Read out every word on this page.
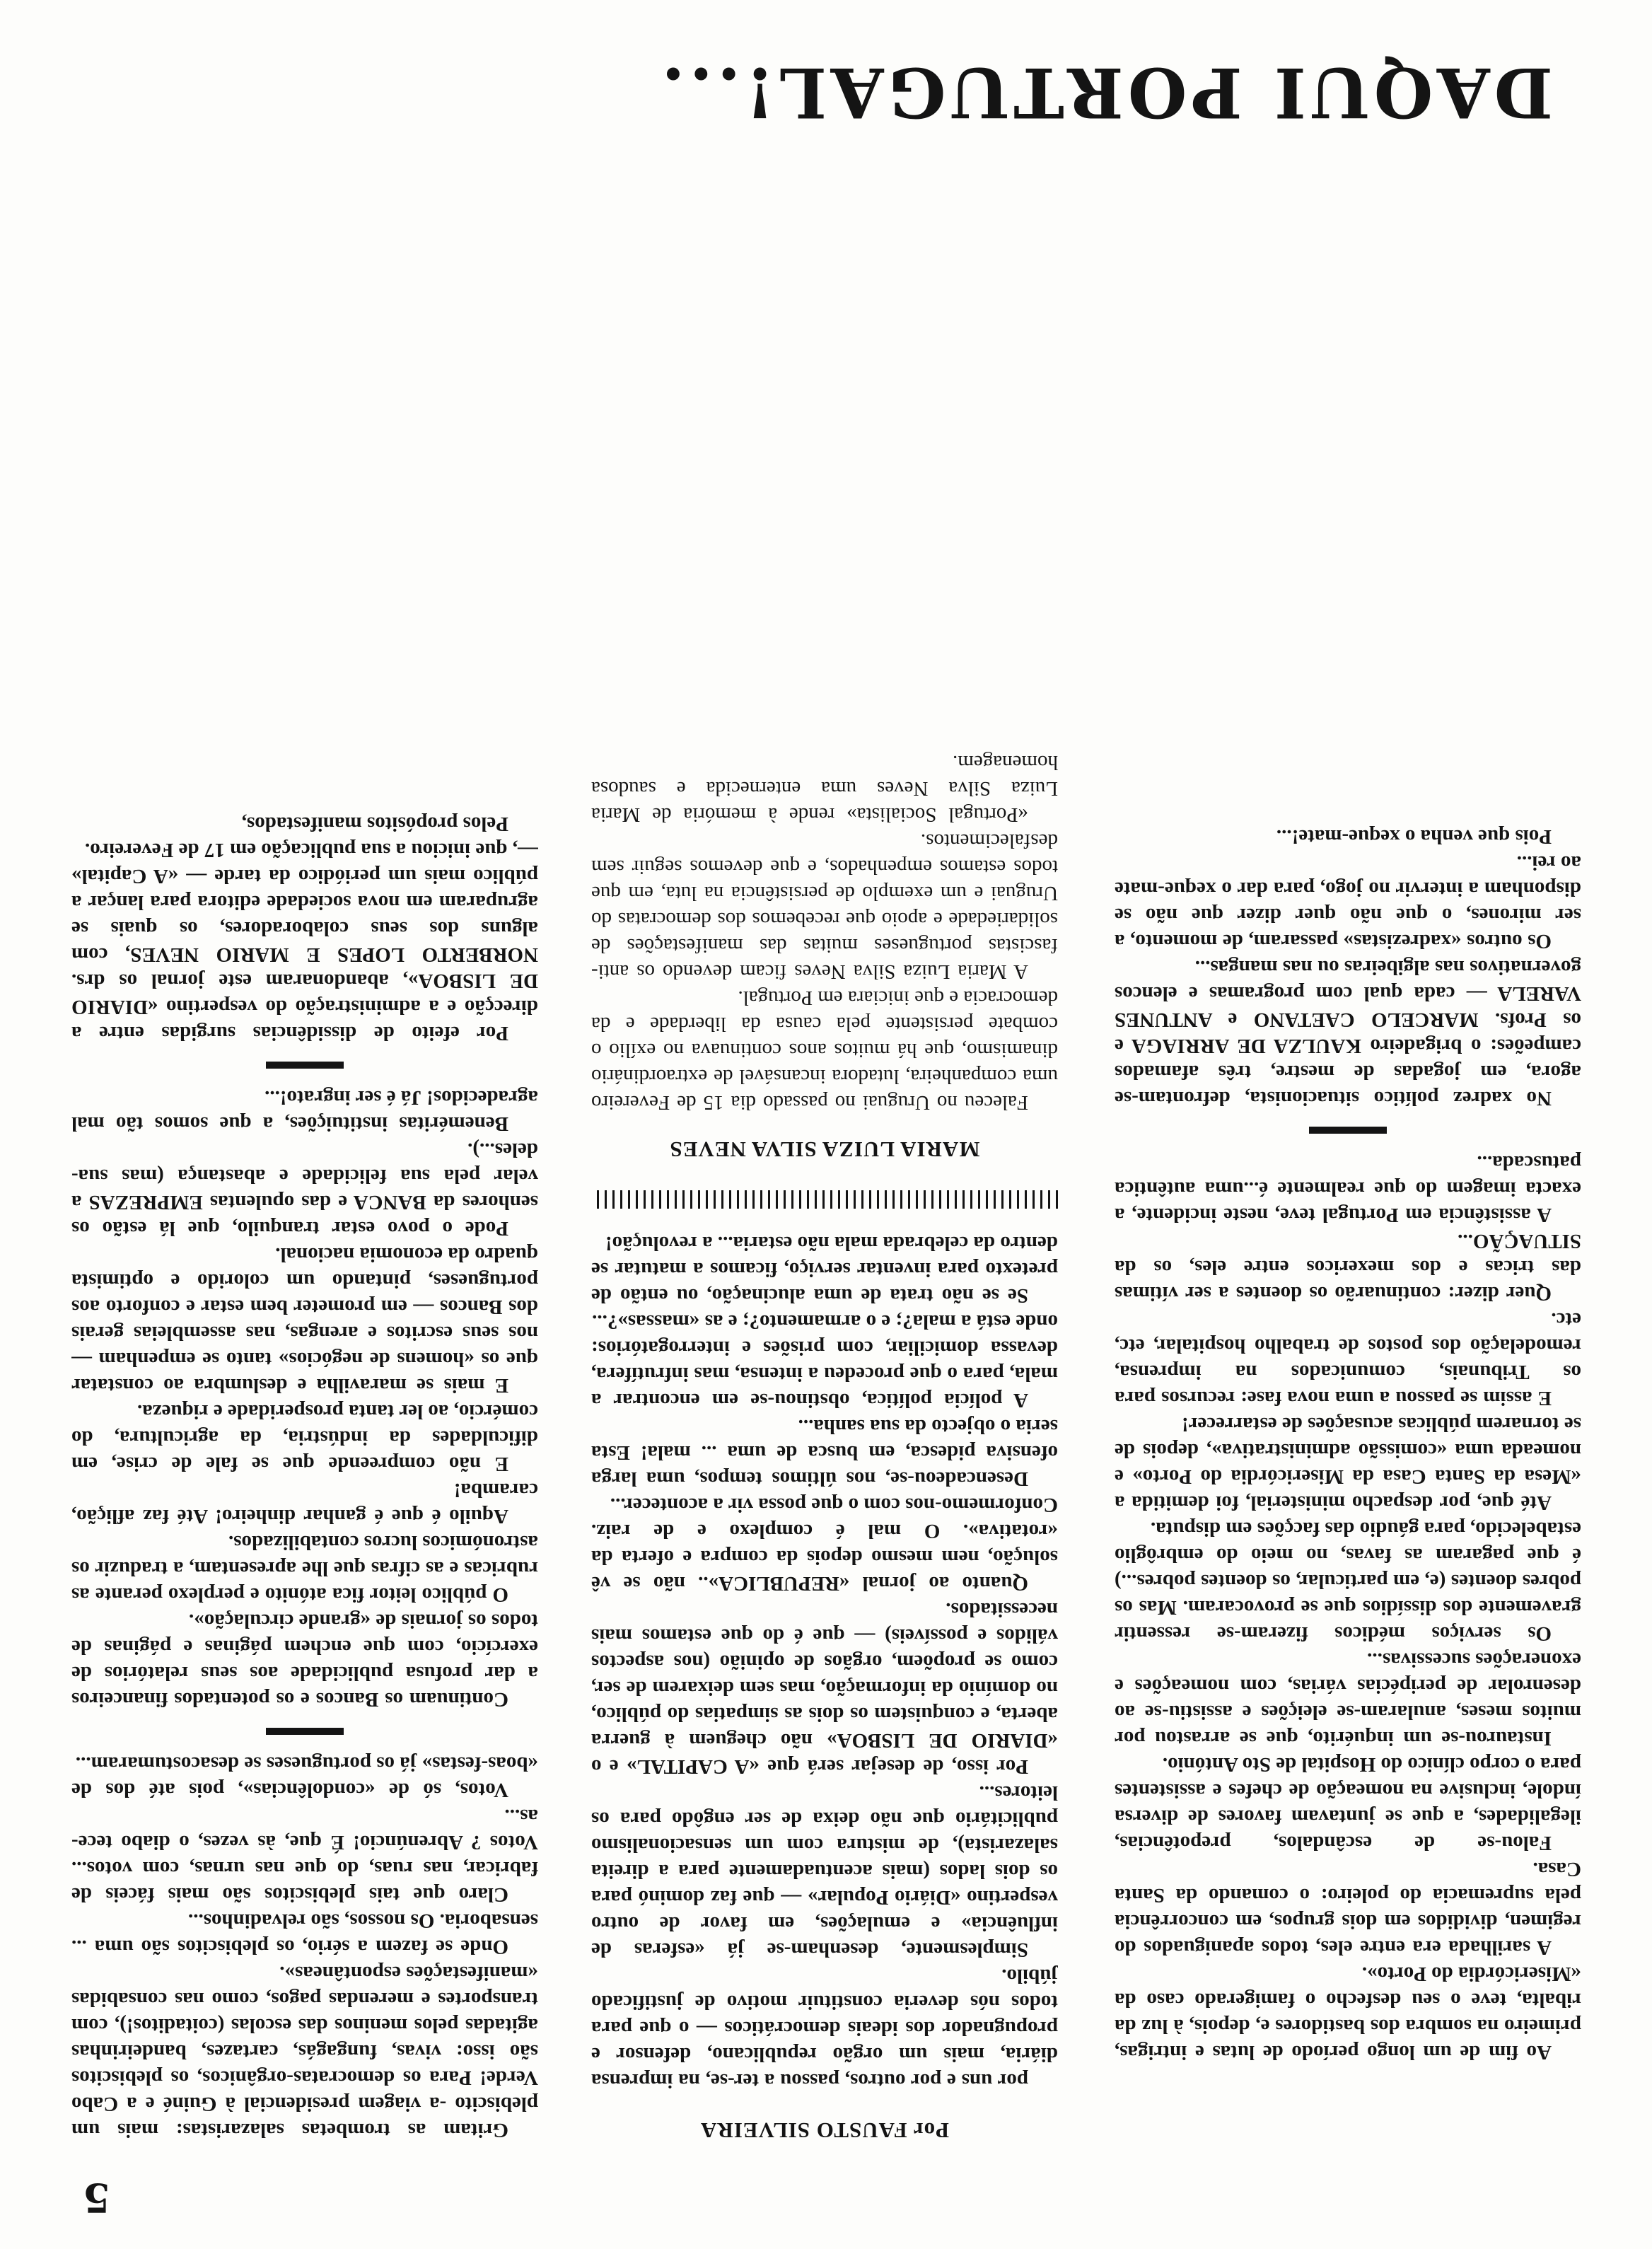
DAQUI PORTUGAL!...

Gritam as trombetas salazaristas: mais um plebiscito -a viagem presidencial à Guiné e a Cabo Verde! Para os democratas-orgânicos, os plebiscitos são isso: vivas, fungagás, cartazes, bandeirinhas agitadas pelos meninos das escolas (coitaditos!), com transportes e merendas pagos, como nas consabidas «manifestações espontâneas».

Onde se fazem a sério, os plebiscitos são uma ... sensaboria. Os nossos, são relvadinhos...

Claro que tais plebiscitos são mais fáceis de fabricar, nas ruas, do que nas urnas, com votos... Votos ? Abrenúncio! É que, às vezes, o diabo tece-as...

Votos, só de «condolências», pois até dos de «boas-festas» já os portugueses se desacostumaram...

Continuam os Bancos e os potentados financeiros a dar profusa publicidade aos seus relatórios de exercício, com que enchem páginas e páginas de todos os jornais de «grande circulação».

O público leitor fica atónito e perplexo perante as rubricas e as cifras que lhe apresentam, a traduzir os astronómicos lucros contabilizados.

Aquilo é que é ganhar dinheiro! Até faz aflição, caramba!

E não compreende que se fale de crise, em dificuldades da indústria, da agricultura, do comércio, ao ler tanta prosperidade e riqueza.

E mais se maravilha e deslumbra ao constatar que os «homens de negócios» tanto se empenham — nos seus escritos e arengas, nas assembleias gerais dos Bancos — em prometer bem estar e conforto aos portugueses, pintando um colorido e optimista quadro da economia nacional.

Pode o povo estar tranquilo, que lá estão os senhores da BANCA e das opulentas EMPREZAS a velar pela sua felicidade e abastança (mas sua-deles...).

Beneméritas instituições, a que somos tão mal agradecidos! Já é ser ingrato!...

Por efeito de dissidências surgidas entre a direcção e a administração do vespertino «DIARIO DE LISBOA», abandonaram este jornal os drs. NORBERTO LOPES E MARIO NEVES, com alguns dos seus colaboradores, os quais se agruparam em nova sociedade editora para lançar a público mais um periódico da tarde — «A Capital» —, que iniciou a sua publicação em 17 de Fevereiro.

Pelos propósitos manifestados,

Por FAUSTO SILVEIRA

por uns e por outros, passou a ter-se, na imprensa diária, mais um orgão republicano, defensor e propugnador dos ideais democráticos — o que para todos nós deveria constituir motivo de justificado júbilo.

Simplesmente, desenham-se já «esferas de influência» e emulações, em favor de outro vespertino «Diário Popular» — que faz dominó para os dois lados (mais acentuadamente para a direita salazarista), de mistura com um sensacionalismo publicitário que não deixa de ser engôdo para os leitores...

Por isso, de desejar será que «A CAPITAL» e o «DIARIO DE LISBOA» não cheguem à guerra aberta, e conquistem os dois as simpatias do público, no domínio da informação, mas sem deixarem de ser, como se propõem, orgãos de opinião (nos aspectos válidos e possíveis) — que é do que estamos mais necessitados.

Quanto ao jornal «REPUBLICA».. não se vê solução, nem mesmo depois da compra e oferta da «rotativa». O mal é complexo e de raiz. Conformemo-nos com o que possa vir a acontecer...

Desencadeou-se, nos últimos tempos, uma larga ofensiva pidesca, em busca de uma ... mala! Esta seria o objecto da sua sanha...

A polícia política, obstinou-se em encontrar a mala, para o que procedeu a intensa, mas infrutífera, devassa domiciliar, com prisões e interrogatórios: onde está a mala?; e o armamento?; e as «massas»?...

Se se não trata de uma alucinação, ou então de pretexto para inventar serviço, ficamos a matutar se dentro da celebrada mala não estaria... a revolução!

MARIA LUIZA SILVA NEVES

Faleceu no Uruguai no passado dia 15 de Fevereiro uma companheira, lutadora incansável de extraordinário dinamismo, que há muitos anos continuava no exílio o combate persistente pela causa da liberdade e da democracia e que iniciara em Portugal.

A Maria Luiza Silva Neves ficam devendo os anti-fascistas portugueses muitas das manifestações de solidariedade e apoio que recebemos dos democratas do Uruguai e um exemplo de persistência na luta, em que todos estamos empenhados, e que devemos seguir sem desfalecimentos.

«Portugal Socialista» rende à memória de Maria Luiza Silva Neves uma enternecida e saudosa homenagem.

Ao fim de um longo período de lutas e intrigas, primeiro na sombra dos bastidores e, depois, à luz da ribalta, teve o seu desfecho o famigerado caso da «Misericórdia do Porto».

A sarilhada era entre eles, todos apaniguados do regimen, divididos em dois grupos, em concorrência pela supremacia do poleiro: o comando da Santa Casa.

Falou-se de escândalos, prepotências, ilegalidades, a que se juntavam favores de diversa índole, inclusive na nomeação de chefes e assistentes para o corpo clínico do Hospital de Sto António.

Instaurou-se um inquérito, que se arrastou por muitos meses, anularam-se eleições e assistiu-se ao desenrolar de peripécias várias, com nomeações e exonerações sucessivas...

Os serviços médicos fizeram-se ressentir gravemente dos dissídios que se provocaram. Mas os pobres doentes (e, em particular, os doentes pobres...) é que pagaram as favas, no meio do embrôglio estabelecido, para gáudio das facções em disputa.

Até que, por despacho ministerial, foi demitida a «Mesa da Santa Casa da Misericórdia do Porto» e nomeada uma «comissão administrativa», depois de se tornarem públicas acusações de estarrecer!

E assim se passou a uma nova fase: recursos para os Tribunais, comunicados na imprensa, remodelação dos postos de trabalho hospitalar, etc, etc.

Quer dizer: continuarão os doentes a ser vítimas das tricas e dos mexericos entre eles, os da SITUAÇÃO...

A assistência em Portugal teve, neste incidente, a exacta imagem do que realmente é...uma autêntica patuscada...

No xadrez político situacionista, defrontam-se agora, em jogadas de mestre, três afamados campeões: o brigadeiro KAULZA DE ARRIAGA e os Profs. MARCELO CAETANO e ANTUNES VARELA — cada qual com programas e elencos governativos nas algibeiras ou nas mangas...

Os outros «xadrezistas» passaram, de momento, a ser mirones, o que não quer dizer que não se disponham a intervir no jogo, para dar o xeque-mate ao rei...

Pois que venha o xeque-mate!...

5
